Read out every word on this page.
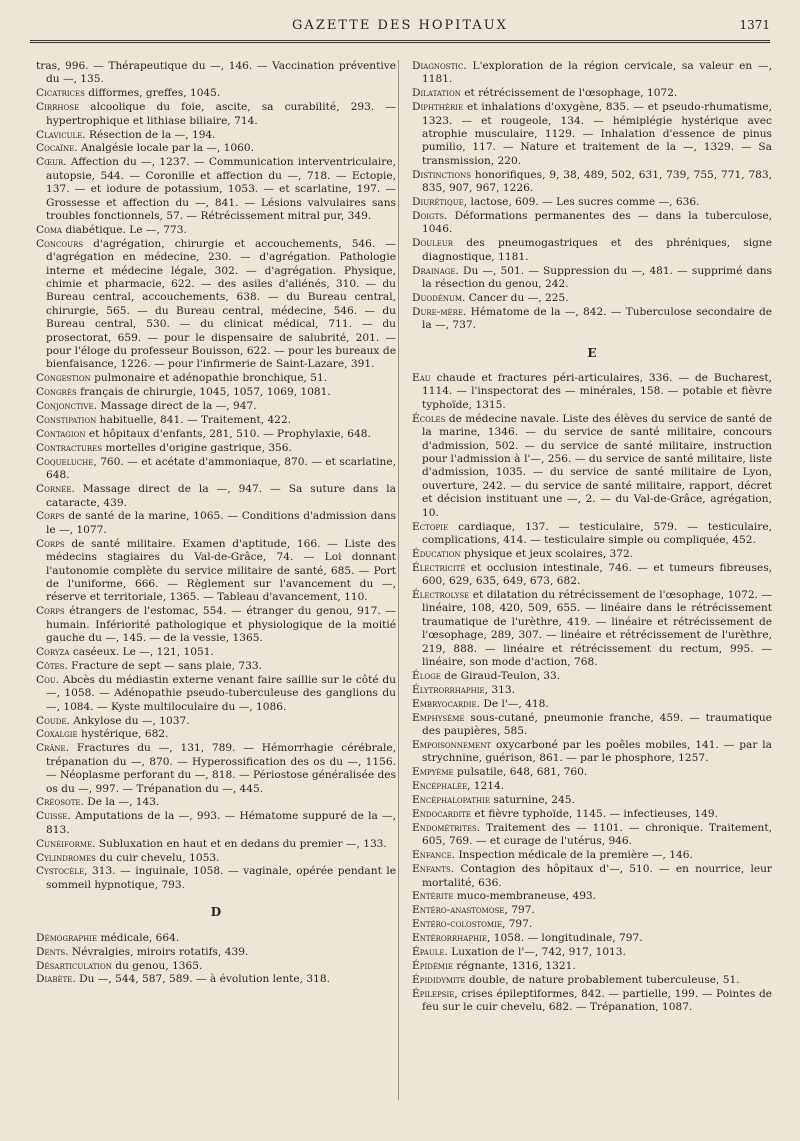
GAZETTE DES HOPITAUX	1371
tras, 996. — Thérapeutique du —, 146. — Vaccination préventive du —, 135.
Cicatrices difformes, greffes, 1045.
Cirrhose alcoolique du foie, ascite, sa curabilité, 293. — hypertrophique et lithiase biliaire, 714.
Clavicule. Résection de la —, 194.
Cocaïne. Analgésie locale par la —, 1060.
Cœur. Affection du —, 1237. — Communication interventriculaire, autopsie, 544. — Coronille et affection du —, 718. — Ectopie, 137. — et iodure de potassium, 1053. — et scarlatine, 197. — Grossesse et affection du —, 841. — Lésions valvulaires sans troubles fonctionnels, 57. — Rétrécissement mitral pur, 349.
Coma diabétique. Le —, 773.
Concours d'agrégation, chirurgie et accouchements, 546. — d'agrégation en médecine, 230. — d'agrégation. Pathologie interne et médecine légale, 302. — d'agrégation. Physique, chimie et pharmacie, 622. — des asiles d'aliénés, 310. — du Bureau central, accouchements, 638. — du Bureau central, chirurgie, 565. — du Bureau central, médecine, 546. — du Bureau central, 530. — du clinicat médical, 711. — du prosectorat, 659. — pour le dispensaire de salubrité, 201. — pour l'éloge du professeur Bouisson, 622. — pour les bureaux de bienfaisance, 1226. — pour l'infirmerie de Saint-Lazare, 391.
Congestion pulmonaire et adénopathie bronchique, 51.
Congrès français de chirurgie, 1045, 1057, 1069, 1081.
Conjonctive. Massage direct de la —, 947.
Constipation habituelle, 841. — Traitement, 422.
Contagion et hôpitaux d'enfants, 281, 510. — Prophylaxie, 648.
Contractures mortelles d'origine gastrique, 356.
Coqueluche, 760. — et acétate d'ammoniaque, 870. — et scarlatine, 648.
Cornée. Massage direct de la —, 947. — Sa suture dans la cataracte, 439.
Corps de santé de la marine, 1065. — Conditions d'admission dans le —, 1077.
Corps de santé militaire. Examen d'aptitude, 166. — Liste des médecins stagiaires du Val-de-Grâce, 74. — Loi donnant l'autonomie complète du service militaire de santé, 685. — Port de l'uniforme, 666. — Règlement sur l'avancement du —, réserve et territoriale, 1365. — Tableau d'avancement, 110.
Corps étrangers de l'estomac, 554. — étranger du genou, 917. — humain. Infériorité pathologique et physiologique de la moitié gauche du —, 145. — de la vessie, 1365.
Coryza caséeux. Le —, 121, 1051.
Côtes. Fracture de sept — sans plaie, 733.
Cou. Abcès du médiastin externe venant faire saillie sur le côté du —, 1058. — Adénopathie pseudo-tuberculeuse des ganglions du —, 1084. — Kyste multiloculaire du —, 1086.
Coude. Ankylose du —, 1037.
Coxalgie hystérique, 682.
Crâne. Fractures du —, 131, 789. — Hémorrhagie cérébrale, trépanation du —, 870. — Hyperossification des os du —, 1156. — Néoplasme perforant du —, 818. — Périostose généralisée des os du —, 997. — Trépanation du —, 445.
Créosote. De la —, 143.
Cuisse. Amputations de la —, 993. — Hématome suppuré de la —, 813.
Cunéiforme. Subluxation en haut et en dedans du premier —, 133.
Cylindromes du cuir chevelu, 1053.
Cystocèle, 313. — inguinale, 1058. — vaginale, opérée pendant le sommeil hypnotique, 793.
D
Démographie médicale, 664.
Dents. Névralgies, miroirs rotatifs, 439.
Désarticulation du genou, 1365.
Diabète. Du —, 544, 587, 589. — à évolution lente, 318.
Diagnostic. L'exploration de la région cervicale, sa valeur en —, 1181.
Dilatation et rétrécissement de l'œsophage, 1072.
Diphthérie et inhalations d'oxygène, 835. — et pseudo-rhumatisme, 1323. — et rougeole, 134. — hémiplégie hystérique avec atrophie musculaire, 1129. — Inhalation d'essence de pinus pumilio, 117. — Nature et traitement de la —, 1329. — Sa transmission, 220.
Distinctions honorifiques, 9, 38, 489, 502, 631, 739, 755, 771, 783, 835, 907, 967, 1226.
Diurétique, lactose, 609. — Les sucres comme —, 636.
Doigts. Déformations permanentes des — dans la tuberculose, 1046.
Douleur des pneumogastriques et des phréniques, signe diagnostique, 1181.
Drainage. Du —, 501. — Suppression du —, 481. — supprimé dans la résection du genou, 242.
Duodénum. Cancer du —, 225.
Dure-mère. Hématome de la —, 842. — Tuberculose secondaire de la —, 737.
E
Eau chaude et fractures péri-articulaires, 336. — de Bucharest, 1114. — l'inspectorat des — minérales, 158. — potable et fièvre typhoïde, 1315.
Écoles de médecine navale. Liste des élèves du service de santé de la marine, 1346. — du service de santé militaire, concours d'admission, 502. — du service de santé militaire, instruction pour l'admission à l'—, 256. — du service de santé militaire, liste d'admission, 1035. — du service de santé militaire de Lyon, ouverture, 242. — du service de santé militaire, rapport, décret et décision instituant une —, 2. — du Val-de-Grâce, agrégation, 10.
Ectopie cardiaque, 137. — testiculaire, 579. — testiculaire, complications, 414. — testiculaire simple ou compliquée, 452.
Éducation physique et jeux scolaires, 372.
Électricité et occlusion intestinale, 746. — et tumeurs fibreuses, 600, 629, 635, 649, 673, 682.
Électrolyse et dilatation du rétrécissement de l'œsophage, 1072. — linéaire, 108, 420, 509, 655. — linéaire dans le rétrécissement traumatique de l'urèthre, 419. — linéaire et rétrécissement de l'œsophage, 289, 307. — linéaire et rétrécissement de l'urèthre, 219, 888. — linéaire et rétrécissement du rectum, 995. — linéaire, son mode d'action, 768.
Éloge de Giraud-Teulon, 33.
Élytrorrhaphie, 313.
Embryocardie. De l'—, 418.
Emphysème sous-cutané, pneumonie franche, 459. — traumatique des paupières, 585.
Empoisonnement oxycarboné par les poêles mobiles, 141. — par la strychnine, guérison, 861. — par le phosphore, 1257.
Empyème pulsatile, 648, 681, 760.
Encéphalée, 1214.
Encéphalopathie saturnine, 245.
Endocardite et fièvre typhoïde, 1145. — infectieuses, 149.
Endométrites. Traitement des — 1101. — chronique. Traitement, 605, 769. — et curage de l'utérus, 946.
Enfance. Inspection médicale de la première —, 146.
Enfants. Contagion des hôpitaux d'—, 510. — en nourrice, leur mortalité, 636.
Entérite muco-membraneuse, 493.
Entéro-anastomose, 797.
Entéro-colostomie, 797.
Entérorrhaphie, 1058. — longitudinale, 797.
Épaule. Luxation de l'—, 742, 917, 1013.
Épidémie régnante, 1316, 1321.
Épididymite double, de nature probablement tuberculeuse, 51.
Épilepsie, crises épileptiformes, 842. — partielle, 199. — Pointes de feu sur le cuir chevelu, 682. — Trépanation, 1087.
